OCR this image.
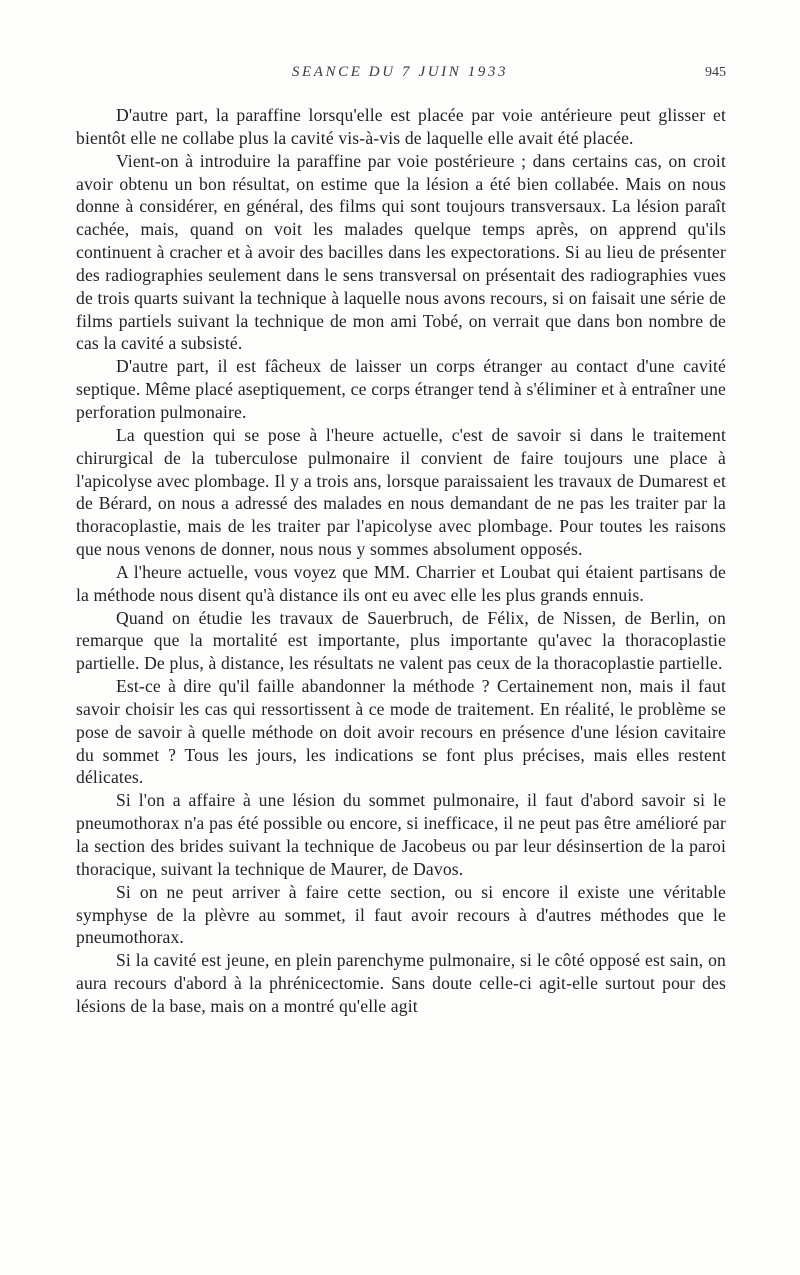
SEANCE DU 7 JUIN 1933	945

D'autre part, la paraffine lorsqu'elle est placée par voie antérieure peut glisser et bientôt elle ne collabe plus la cavité vis-à-vis de laquelle elle avait été placée.

Vient-on à introduire la paraffine par voie postérieure ; dans certains cas, on croit avoir obtenu un bon résultat, on estime que la lésion a été bien collabée. Mais on nous donne à considérer, en général, des films qui sont toujours transversaux. La lésion paraît cachée, mais, quand on voit les malades quelque temps après, on apprend qu'ils continuent à cracher et à avoir des bacilles dans les expectorations. Si au lieu de présenter des radiographies seulement dans le sens transversal on présentait des radiographies vues de trois quarts suivant la technique à laquelle nous avons recours, si on faisait une série de films partiels suivant la technique de mon ami Tobé, on verrait que dans bon nombre de cas la cavité a subsisté.

D'autre part, il est fâcheux de laisser un corps étranger au contact d'une cavité septique. Même placé aseptiquement, ce corps étranger tend à s'éliminer et à entraîner une perforation pulmonaire.

La question qui se pose à l'heure actuelle, c'est de savoir si dans le traitement chirurgical de la tuberculose pulmonaire il convient de faire toujours une place à l'apicolyse avec plombage. Il y a trois ans, lorsque paraissaient les travaux de Dumarest et de Bérard, on nous a adressé des malades en nous demandant de ne pas les traiter par la thoracoplastie, mais de les traiter par l'apicolyse avec plombage. Pour toutes les raisons que nous venons de donner, nous nous y sommes absolument opposés.

A l'heure actuelle, vous voyez que MM. Charrier et Loubat qui étaient partisans de la méthode nous disent qu'à distance ils ont eu avec elle les plus grands ennuis.

Quand on étudie les travaux de Sauerbruch, de Félix, de Nissen, de Berlin, on remarque que la mortalité est importante, plus importante qu'avec la thoracoplastie partielle. De plus, à distance, les résultats ne valent pas ceux de la thoracoplastie partielle.

Est-ce à dire qu'il faille abandonner la méthode ? Certainement non, mais il faut savoir choisir les cas qui ressortissent à ce mode de traitement. En réalité, le problème se pose de savoir à quelle méthode on doit avoir recours en présence d'une lésion cavitaire du sommet ? Tous les jours, les indications se font plus précises, mais elles restent délicates.

Si l'on a affaire à une lésion du sommet pulmonaire, il faut d'abord savoir si le pneumothorax n'a pas été possible ou encore, si inefficace, il ne peut pas être amélioré par la section des brides suivant la technique de Jacobeus ou par leur désinsertion de la paroi thoracique, suivant la technique de Maurer, de Davos.

Si on ne peut arriver à faire cette section, ou si encore il existe une véritable symphyse de la plèvre au sommet, il faut avoir recours à d'autres méthodes que le pneumothorax.

Si la cavité est jeune, en plein parenchyme pulmonaire, si le côté opposé est sain, on aura recours d'abord à la phrénicectomie. Sans doute celle-ci agit-elle surtout pour des lésions de la base, mais on a montré qu'elle agit
